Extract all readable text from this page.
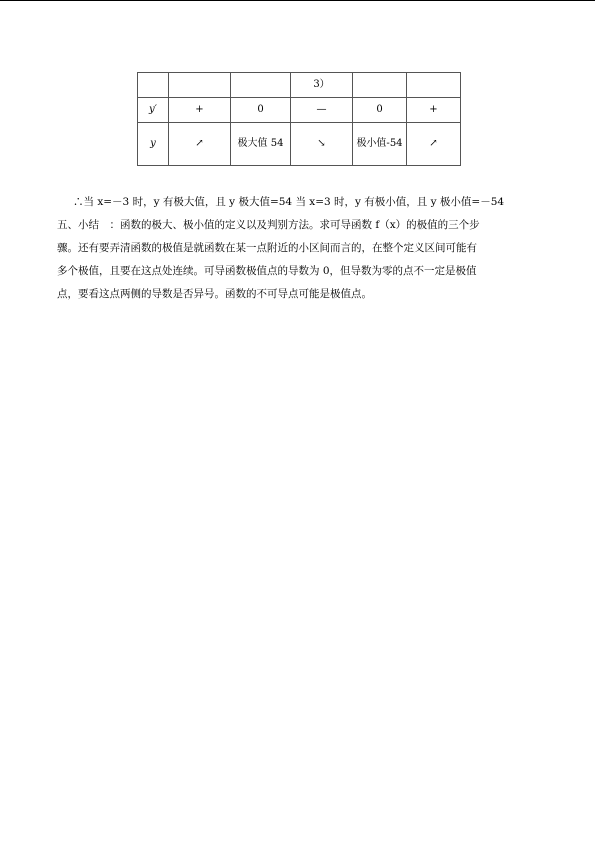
			3）		
y′	+	0	—	0	+
y	↗	极大值 54	↘	极小值-54	↗

∴当 x=－3 时，y 有极大值，且 y 极大值=54 当 x=3 时，y 有极小值，且 y 极小值=－54

五、小结　：函数的极大、极小值的定义以及判别方法。求可导函数 f（x）的极值的三个步
骤。还有要弄清函数的极值是就函数在某一点附近的小区间而言的，在整个定义区间可能有
多个极值，且要在这点处连续。可导函数极值点的导数为 0，但导数为零的点不一定是极值
点，要看这点两侧的导数是否异号。函数的不可导点可能是极值点。
